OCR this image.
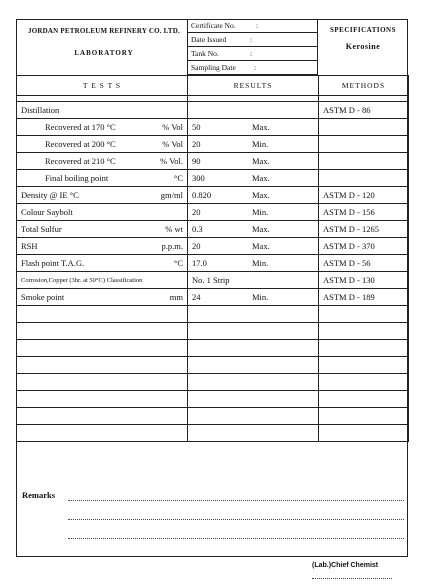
JORDAN PETROLEUM REFINERY CO. LTD.
LABORATORY
Certificate No.	:
Date Issued	:
Tank No.	:
Sampling Date :
SPECIFICATIONS
Kerosine
T E S T S	RESULTS	METHODS

Distillation		ASTM D - 86
Recovered at 170 °C % Vol	50 Max.	
Recovered at 200 °C % Vol	20 Min.	
Recovered at 210 °C % Vol.	90 Max.	
Final boiling point °C	300 Max.	
Density @ IE °C gm/ml	0.820 Max.	ASTM D - 120
Colour Saybolt	20 Min.	ASTM D - 156
Total Sulfur % wt	0.3 Max.	ASTM D - 1265
RSH p.p.m.	20 Max.	ASTM D - 370
Flash point T.A.G. °C	17.0 Min.	ASTM D - 56
Corrosion,Copper (3hr. at 50°C) Classification	No. 1 Strip	ASTM D - 130
Smoke point mm	24 Min.	ASTM D - 189

Remarks
(Lab.)Chief Chemist
